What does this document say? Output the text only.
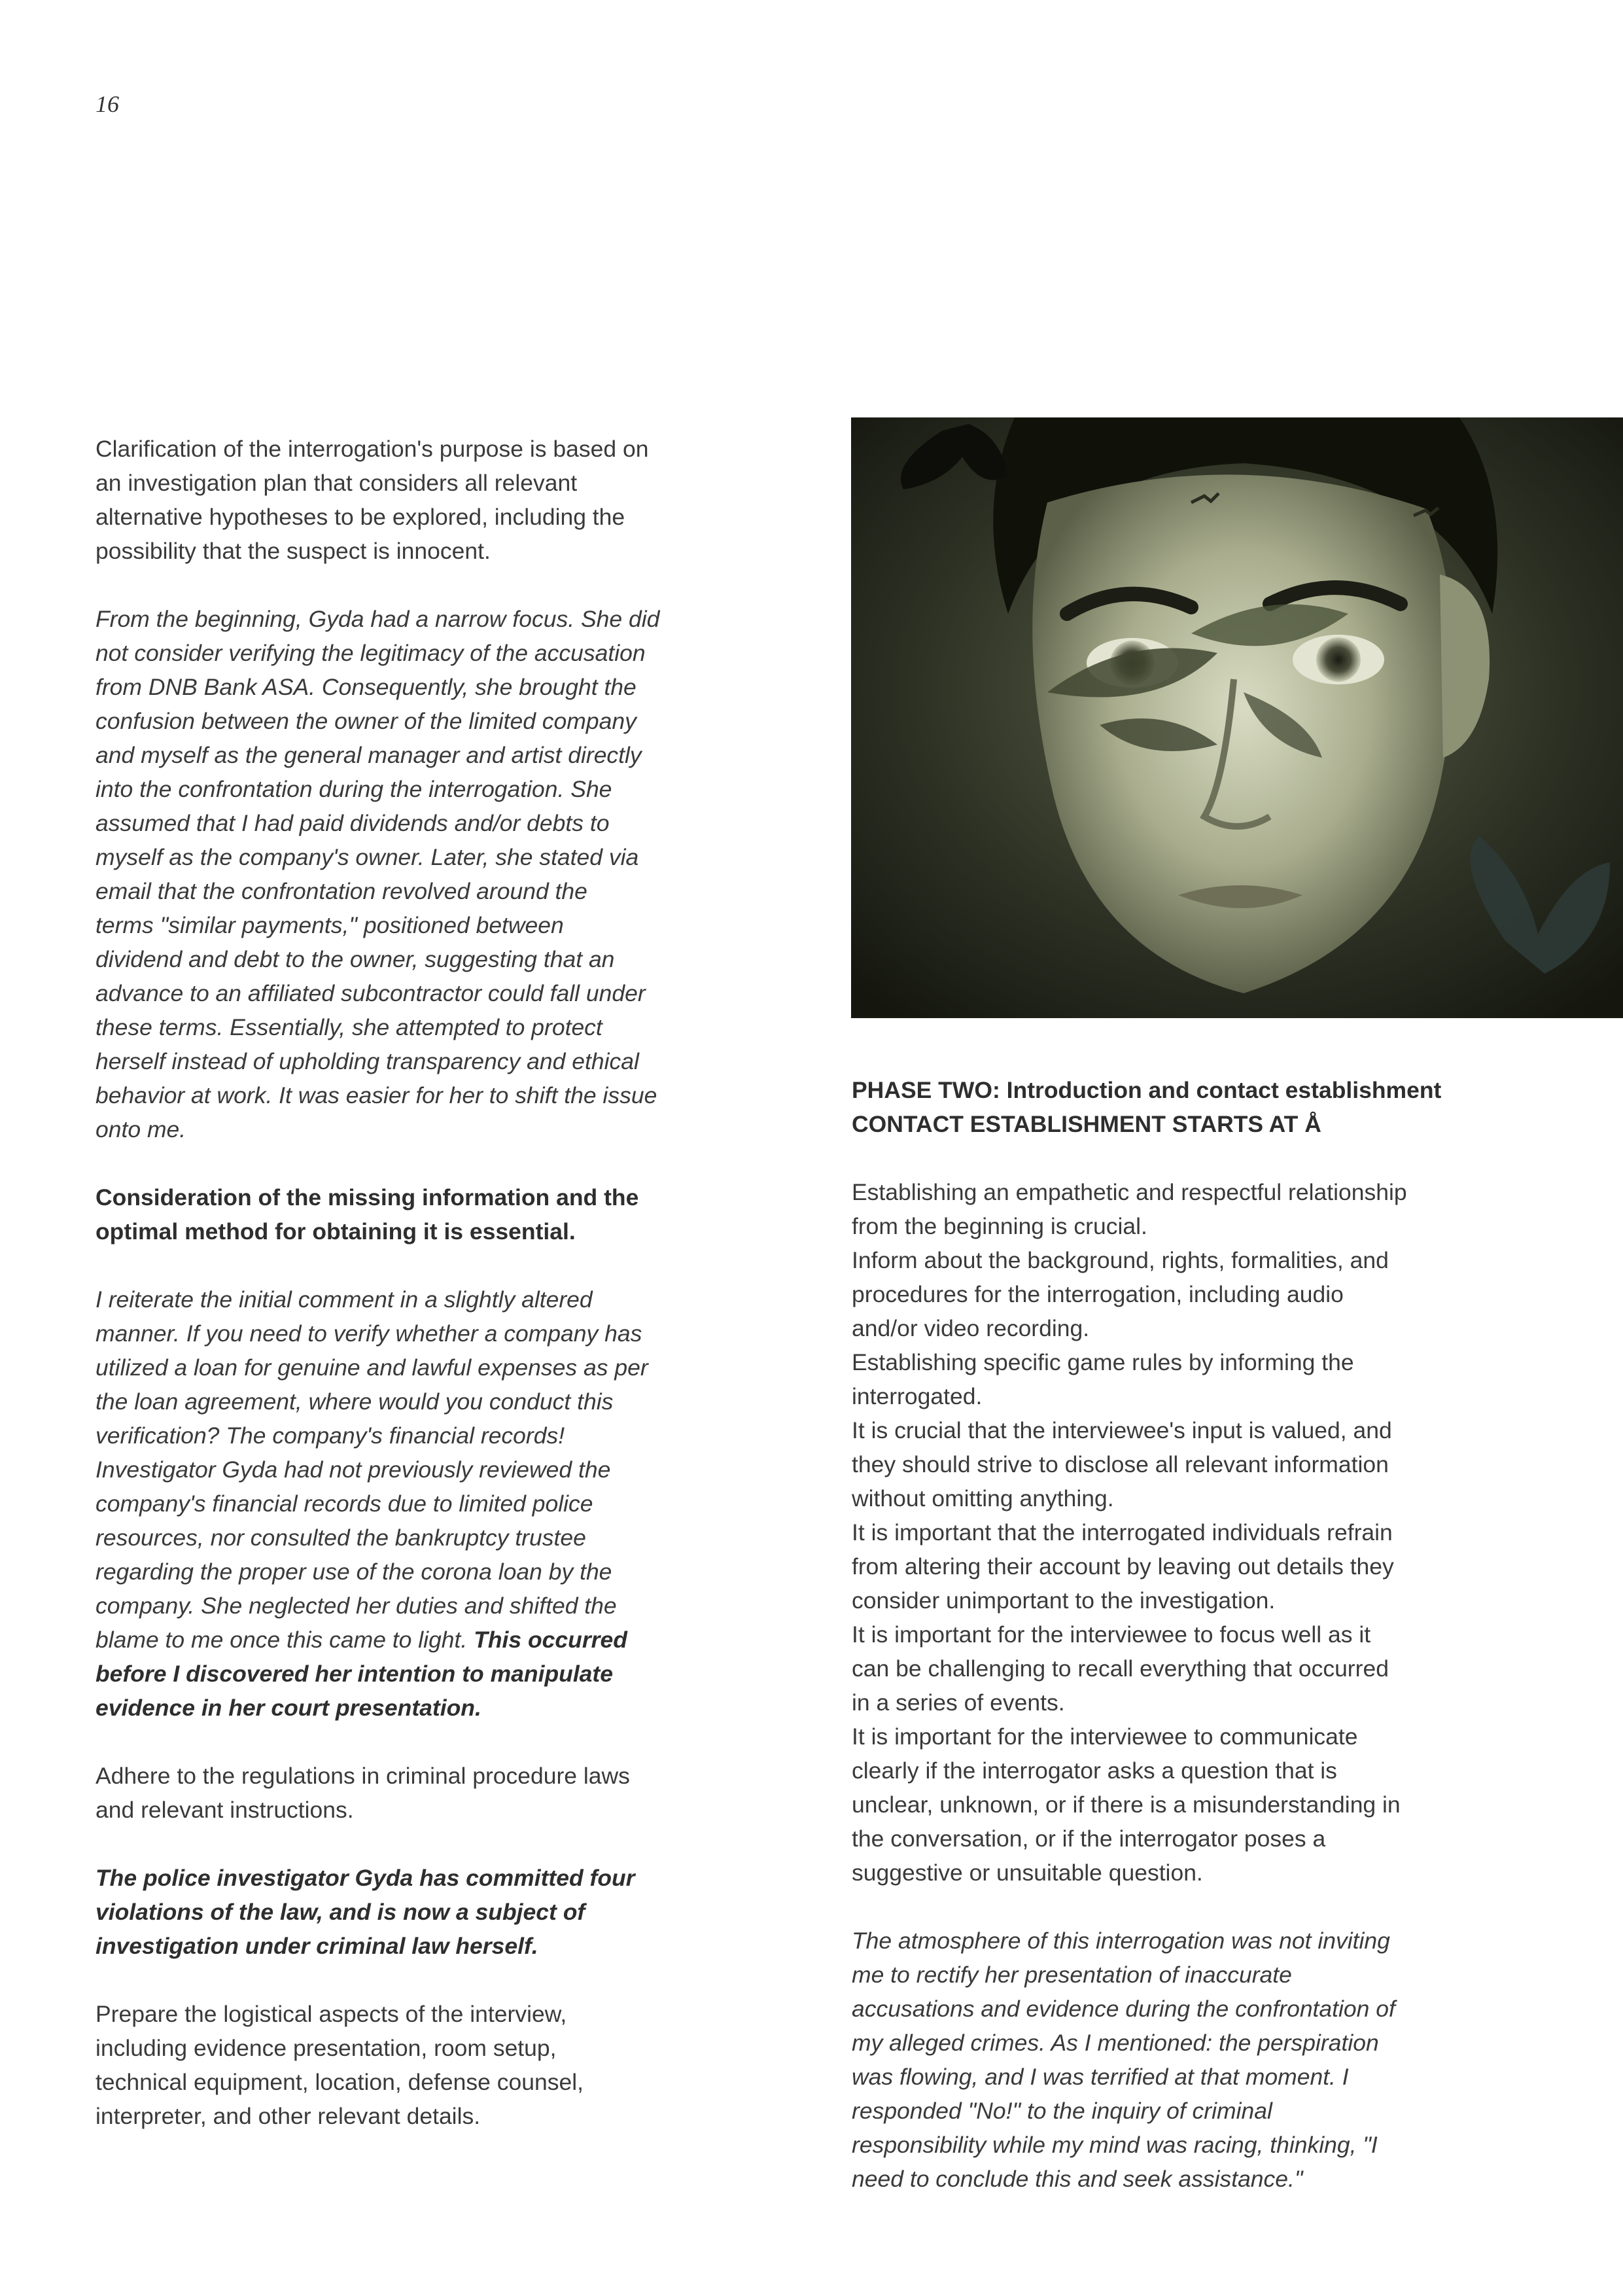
16

Clarification of the interrogation's purpose is based on
an investigation plan that considers all relevant
alternative hypotheses to be explored, including the
possibility that the suspect is innocent.

From the beginning, Gyda had a narrow focus. She did
not consider verifying the legitimacy of the accusation
from DNB Bank ASA. Consequently, she brought the
confusion between the owner of the limited company
and myself as the general manager and artist directly
into the confrontation during the interrogation. She
assumed that I had paid dividends and/or debts to
myself as the company's owner. Later, she stated via
email that the confrontation revolved around the
terms "similar payments," positioned between
dividend and debt to the owner, suggesting that an
advance to an affiliated subcontractor could fall under
these terms. Essentially, she attempted to protect
herself instead of upholding transparency and ethical
behavior at work. It was easier for her to shift the issue
onto me.

Consideration of the missing information and the
optimal method for obtaining it is essential.

I reiterate the initial comment in a slightly altered
manner. If you need to verify whether a company has
utilized a loan for genuine and lawful expenses as per
the loan agreement, where would you conduct this
verification? The company's financial records!
Investigator Gyda had not previously reviewed the
company's financial records due to limited police
resources, nor consulted the bankruptcy trustee
regarding the proper use of the corona loan by the
company. She neglected her duties and shifted the
blame to me once this came to light. This occurred
before I discovered her intention to manipulate
evidence in her court presentation.

Adhere to the regulations in criminal procedure laws
and relevant instructions.

The police investigator Gyda has committed four
violations of the law, and is now a subject of
investigation under criminal law herself.

Prepare the logistical aspects of the interview,
including evidence presentation, room setup,
technical equipment, location, defense counsel,
interpreter, and other relevant details.

PHASE TWO: Introduction and contact establishment
CONTACT ESTABLISHMENT STARTS AT Å

Establishing an empathetic and respectful relationship
from the beginning is crucial.
Inform about the background, rights, formalities, and
procedures for the interrogation, including audio
and/or video recording.
Establishing specific game rules by informing the
interrogated.
It is crucial that the interviewee's input is valued, and
they should strive to disclose all relevant information
without omitting anything.
It is important that the interrogated individuals refrain
from altering their account by leaving out details they
consider unimportant to the investigation.
It is important for the interviewee to focus well as it
can be challenging to recall everything that occurred
in a series of events.
It is important for the interviewee to communicate
clearly if the interrogator asks a question that is
unclear, unknown, or if there is a misunderstanding in
the conversation, or if the interrogator poses a
suggestive or unsuitable question.

The atmosphere of this interrogation was not inviting
me to rectify her presentation of inaccurate
accusations and evidence during the confrontation of
my alleged crimes. As I mentioned: the perspiration
was flowing, and I was terrified at that moment. I
responded "No!" to the inquiry of criminal
responsibility while my mind was racing, thinking, "I
need to conclude this and seek assistance."
